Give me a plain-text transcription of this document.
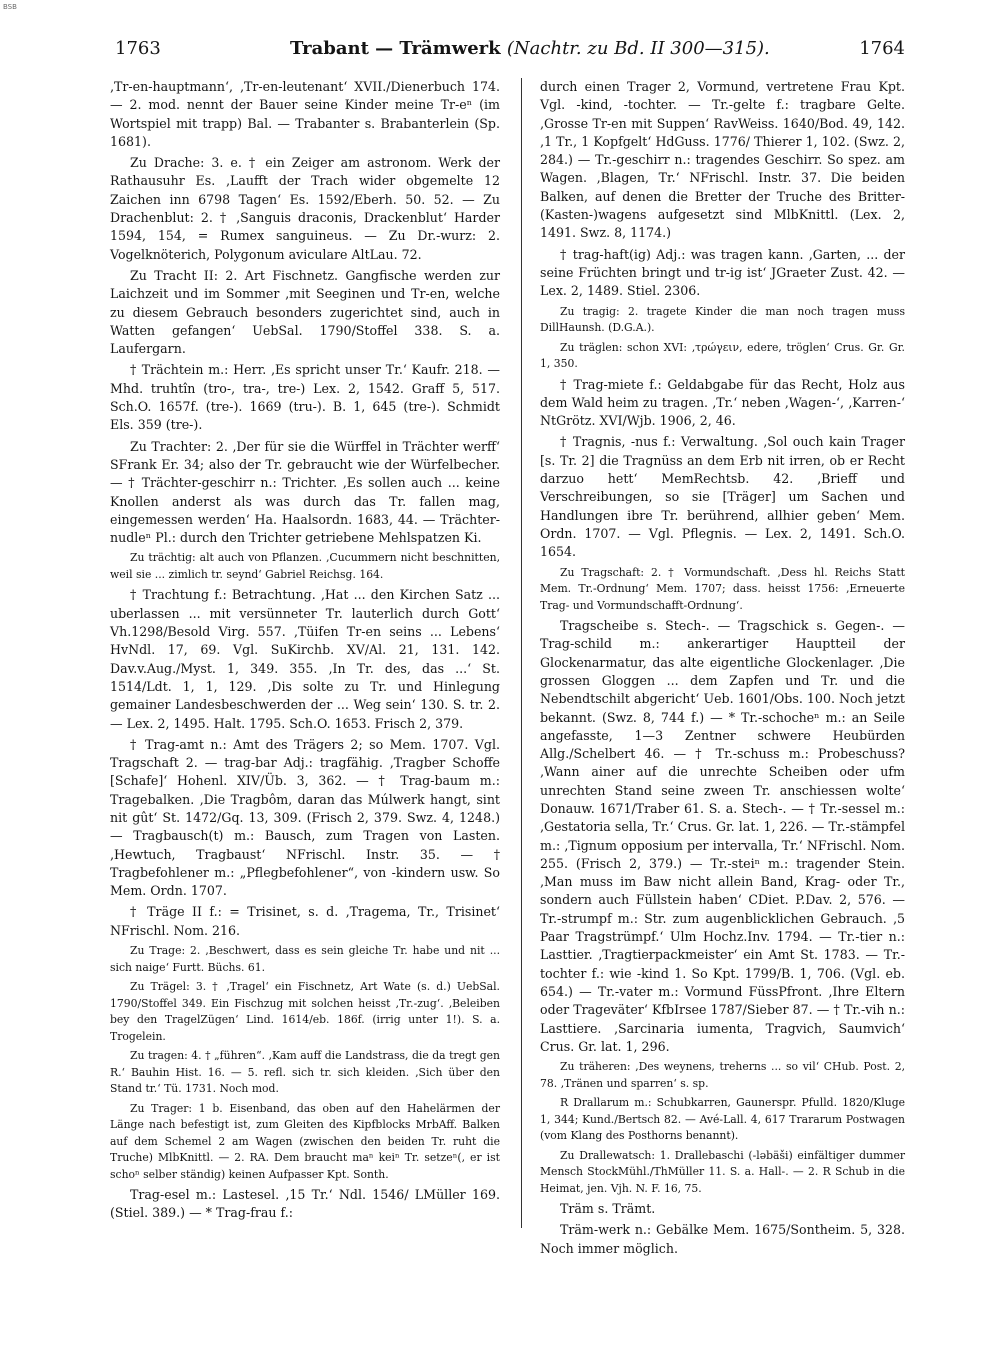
BSB
1763	Trabant — Trämwerk (Nachtr. zu Bd. II 300—315).	1764

‚Tr-en-hauptmann‘, ‚Tr-en-leutenant‘ XVII./Dienerbuch 174. — 2. mod. nennt der Bauer seine Kinder meine Tr-eⁿ (im Wortspiel mit trapp) Bal. — Trabanter s. Brabanterlein (Sp. 1681).

Zu Drache: 3. e. † ein Zeiger am astronom. Werk der Rathausuhr Es. ‚Laufft der Trach wider obgemelte 12 Zaichen inn 6798 Tagen‘ Es. 1592/Eberh. 50. 52. — Zu Drachenblut: 2. † ‚Sanguis draconis, Drackenblut‘ Harder 1594, 154, = Rumex sanguineus. — Zu Dr.-wurz: 2. Vogelknöterich, Polygonum aviculare AltLau. 72.

Zu Tracht II: 2. Art Fischnetz. Gangfische werden zur Laichzeit und im Sommer ‚mit Seeginen und Tr-en, welche zu diesem Gebrauch besonders zugerichtet sind, auch in Watten gefangen‘ UebSal. 1790/Stoffel 338. S. a. Laufergarn.

† Trächtein m.: Herr. ‚Es spricht unser Tr.‘ Kaufr. 218. — Mhd. truhtîn (tro-, tra-, tre-) Lex. 2, 1542. Graff 5, 517. Sch.O. 1657f. (tre-). 1669 (tru-). B. 1, 645 (tre-). Schmidt Els. 359 (tre-).

Zu Trachter: 2. ‚Der für sie die Würffel in Trächter werff‘ SFrank Er. 34; also der Tr. gebraucht wie der Würfelbecher. — † Trächter-geschirr n.: Trichter. ‚Es sollen auch ... keine Knollen anderst als was durch das Tr. fallen mag, eingemessen werden‘ Ha. Haalsordn. 1683, 44. — Trächter-nudleⁿ Pl.: durch den Trichter getriebene Mehlspatzen Ki.

Zu trächtig: alt auch von Pflanzen. ‚Cucummern nicht beschnitten, weil sie ... zimlich tr. seynd‘ Gabriel Reichsg. 164.

† Trachtung f.: Betrachtung. ‚Hat ... den Kirchen Satz ... uberlassen ... mit versünneter Tr. lauterlich durch Gott‘ Vh.1298/Besold Virg. 557. ‚Tüifen Tr-en seins ... Lebens‘ HvNdl. 17, 69. Vgl. SuKirchb. XV/Al. 21, 131. 142. Dav.v.Aug./Myst. 1, 349. 355. ‚In Tr. des, das ...‘ St. 1514/Ldt. 1, 1, 129. ‚Dis solte zu Tr. und Hinlegung gemainer Landesbeschwerden der ... Weg sein‘ 130. S. tr. 2. — Lex. 2, 1495. Halt. 1795. Sch.O. 1653. Frisch 2, 379.

† Trag-amt n.: Amt des Trägers 2; so Mem. 1707. Vgl. Tragschaft 2. — trag-bar Adj.: tragfähig. ‚Tragber Schoffe [Schafe]‘ Hohenl. XIV/Üb. 3, 362. — † Trag-baum m.: Tragebalken. ‚Die Tragbôm, daran das Múlwerk hangt, sint nit gût‘ St. 1472/Gq. 13, 309. (Frisch 2, 379. Swz. 4, 1248.) — Tragbausch(t) m.: Bausch, zum Tragen von Lasten. ‚Hewtuch, Tragbaust‘ NFrischl. Instr. 35. — † Tragbefohlener m.: „Pflegbefohlener“, von -kindern usw. So Mem. Ordn. 1707.

† Träge II f.: = Trisinet, s. d. ‚Tragema, Tr., Trisinet‘ NFrischl. Nom. 216.

Zu Trage: 2. ‚Beschwert, dass es sein gleiche Tr. habe und nit ... sich naige‘ Furtt. Büchs. 61.

Zu Trägel: 3. † ‚Tragel‘ ein Fischnetz, Art Wate (s. d.) UebSal. 1790/Stoffel 349. Ein Fischzug mit solchen heisst ‚Tr.-zug‘. ‚Beleiben bey den TragelZügen‘ Lind. 1614/eb. 186f. (irrig unter 1!). S. a. Trogelein.

Zu tragen: 4. † „führen“. ‚Kam auff die Landstrass, die da tregt gen R.‘ Bauhin Hist. 16. — 5. refl. sich tr. sich kleiden. ‚Sich über den Stand tr.‘ Tü. 1731. Noch mod.

Zu Trager: 1 b. Eisenband, das oben auf den Hahelärmen der Länge nach befestigt ist, zum Gleiten des Kipfblocks MrbAff. Balken auf dem Schemel 2 am Wagen (zwischen den beiden Tr. ruht die Truche) MlbKnittl. — 2. RA. Dem braucht maⁿ keiⁿ Tr. setzeⁿ(, er ist schoⁿ selber ständig) keinen Aufpasser Kpt. Sonth.

Trag-esel m.: Lastesel. ‚15 Tr.‘ Ndl. 1546/ LMüller 169. (Stiel. 389.) — * Trag-frau f.:

durch einen Trager 2, Vormund, vertretene Frau Kpt. Vgl. -kind, -tochter. — Tr.-gelte f.: tragbare Gelte. ‚Grosse Tr-en mit Suppen‘ RavWeiss. 1640/Bod. 49, 142. ‚1 Tr., 1 Kopfgelt‘ HdGuss. 1776/ Thierer 1, 102. (Swz. 2, 284.) — Tr.-geschirr n.: tragendes Geschirr. So spez. am Wagen. ‚Blagen, Tr.‘ NFrischl. Instr. 37. Die beiden Balken, auf denen die Bretter der Truche des Britter-(Kasten-)wagens aufgesetzt sind MlbKnittl. (Lex. 2, 1491. Swz. 8, 1174.)

† trag-haft(ig) Adj.: was tragen kann. ‚Garten, ... der seine Früchten bringt und tr-ig ist‘ JGraeter Zust. 42. — Lex. 2, 1489. Stiel. 2306.

Zu tragig: 2. tragete Kinder die man noch tragen muss DillHaunsh. (D.G.A.).

Zu träglen: schon XVI: ‚τρώγειν, edere, tröglen‘ Crus. Gr. Gr. 1, 350.

† Trag-miete f.: Geldabgabe für das Recht, Holz aus dem Wald heim zu tragen. ‚Tr.‘ neben ‚Wagen-‘, ‚Karren-‘ NtGrötz. XVI/Wjb. 1906, 2, 46.

† Tragnis, -nus f.: Verwaltung. ‚Sol ouch kain Trager [s. Tr. 2] die Tragnüss an dem Erb nit irren, ob er Recht darzuo hett‘ MemRechtsb. 42. ‚Brieff und Verschreibungen, so sie [Träger] um Sachen und Handlungen ibre Tr. berührend, allhier geben‘ Mem. Ordn. 1707. — Vgl. Pflegnis. — Lex. 2, 1491. Sch.O. 1654.

Zu Tragschaft: 2. † Vormundschaft. ‚Dess hl. Reichs Statt Mem. Tr.-Ordnung‘ Mem. 1707; dass. heisst 1756: ‚Erneuerte Trag- und Vormundschafft-Ordnung‘.

Tragscheibe s. Stech-. — Tragschick s. Gegen-. — Trag-schild m.: ankerartiger Hauptteil der Glockenarmatur, das alte eigentliche Glockenlager. ‚Die grossen Gloggen ... dem Zapfen und Tr. und die Nebendtschilt abgericht‘ Ueb. 1601/Obs. 100. Noch jetzt bekannt. (Swz. 8, 744 f.) — * Tr.-schocheⁿ m.: an Seile angefasste, 1—3 Zentner schwere Heubürden Allg./Schelbert 46. — † Tr.-schuss m.: Probeschuss? ‚Wann ainer auf die unrechte Scheiben oder ufm unrechten Stand seine zween Tr. anschiessen wolte‘ Donauw. 1671/Traber 61. S. a. Stech-. — † Tr.-sessel m.: ‚Gestatoria sella, Tr.‘ Crus. Gr. lat. 1, 226. — Tr.-stämpfel m.: ‚Tignum opposium per intervalla, Tr.‘ NFrischl. Nom. 255. (Frisch 2, 379.) — Tr.-steiⁿ m.: tragender Stein. ‚Man muss im Baw nicht allein Band, Krag- oder Tr., sondern auch Füllstein haben‘ CDiet. P.Dav. 2, 576. — Tr.-strumpf m.: Str. zum augenblicklichen Gebrauch. ‚5 Paar Tragstrümpf.‘ Ulm Hochz.Inv. 1794. — Tr.-tier n.: Lasttier. ‚Tragtierpackmeister‘ ein Amt St. 1783. — Tr.-tochter f.: wie -kind 1. So Kpt. 1799/B. 1, 706. (Vgl. eb. 654.) — Tr.-vater m.: Vormund FüssPfront. ‚Ihre Eltern oder Trageväter‘ KfbIrsee 1787/Sieber 87. — † Tr.-vih n.: Lasttiere. ‚Sarcinaria iumenta, Tragvich, Saumvich‘ Crus. Gr. lat. 1, 296.

Zu träheren: ‚Des weynens, treherns ... so vil‘ CHub. Post. 2, 78. ‚Tränen und sparren‘ s. sp.

R Drallarum m.: Schubkarren, Gaunerspr. Pfulld. 1820/Kluge 1, 344; Kund./Bertsch 82. — Avé-Lall. 4, 617 Trararum Postwagen (vom Klang des Posthorns benannt).

Zu Drallewatsch: 1. Drallebaschi (-ləbäši) einfältiger dummer Mensch StockMühl./ThMüller 11. S. a. Hall-. — 2. R Schub in die Heimat, jen. Vjh. N. F. 16, 75.

Träm s. Trämt.

Träm-werk n.: Gebälke Mem. 1675/Sontheim. 5, 328. Noch immer möglich.
